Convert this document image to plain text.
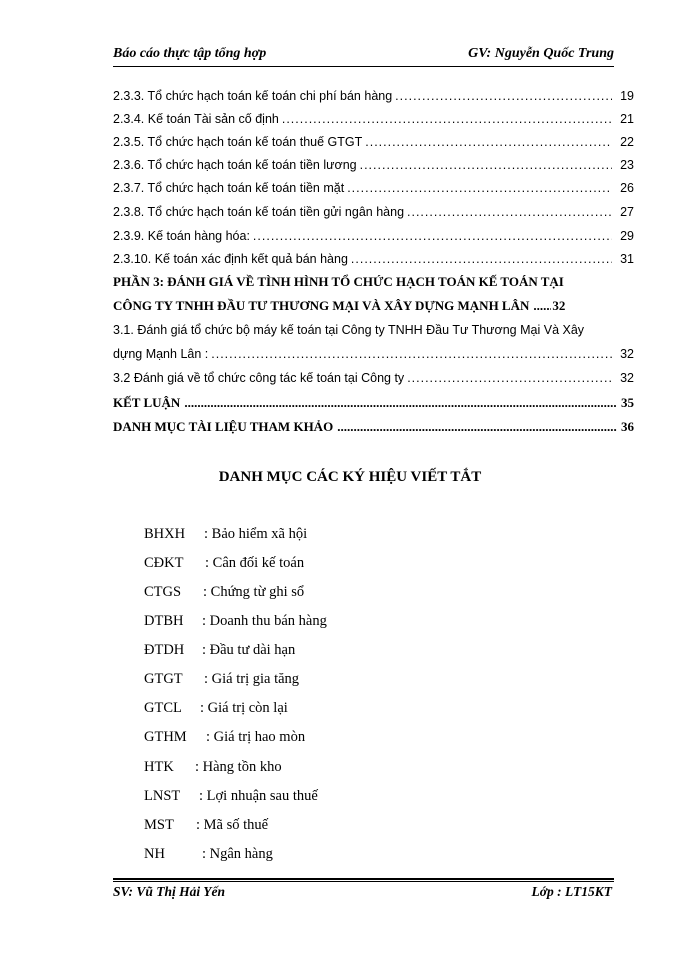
Báo cáo thực tập tổng hợp	GV: Nguyễn Quốc Trung
2.3.3. Tổ chức hạch toán kế toán chi phí bán hàng .....	19
2.3.4. Kế toán Tài sản cố định .....	21
2.3.5. Tổ chức hạch toán kế toán thuế GTGT .....	22
2.3.6. Tổ chức hạch toán kế toán tiền lương .....	23
2.3.7. Tổ chức hạch toán kế toán tiền mặt .....	26
2.3.8. Tổ chức hạch toán kế toán tiền gửi ngân hàng .....	27
2.3.9. Kế toán hàng hóa: .....	29
2.3.10. Kế toán xác định kết quả bán hàng .....	31
PHẦN 3: ĐÁNH GIÁ VỀ TÌNH HÌNH TỔ CHỨC HẠCH TOÁN KẾ TOÁN TẠI
CÔNG TY TNHH ĐẦU TƯ THƯƠNG MẠI VÀ XÂY DỰNG MẠNH LÂN ..... 32
3.1. Đánh giá tổ chức bộ máy kế toán tại Công ty TNHH Đầu Tư Thương Mại Và Xây
dựng Mạnh Lân : .....	32
3.2 Đánh giá về tổ chức công tác kế toán tại Công ty .....	32
KẾT LUẬN .....	35
DANH MỤC TÀI LIỆU THAM KHẢO .....	36
DANH MỤC CÁC KÝ HIỆU VIẾT TẮT
BHXH : Bảo hiểm xã hội
CĐKT : Cân đối kế toán
CTGS : Chứng từ ghi sổ
DTBH : Doanh thu bán hàng
ĐTDH : Đầu tư dài hạn
GTGT : Giá trị gia tăng
GTCL : Giá trị còn lại
GTHM : Giá trị hao mòn
HTK : Hàng tồn kho
LNST : Lợi nhuận sau thuế
MST : Mã số thuế
NH	: Ngân hàng
SV: Vũ Thị Hải Yến	Lớp : LT15KT
